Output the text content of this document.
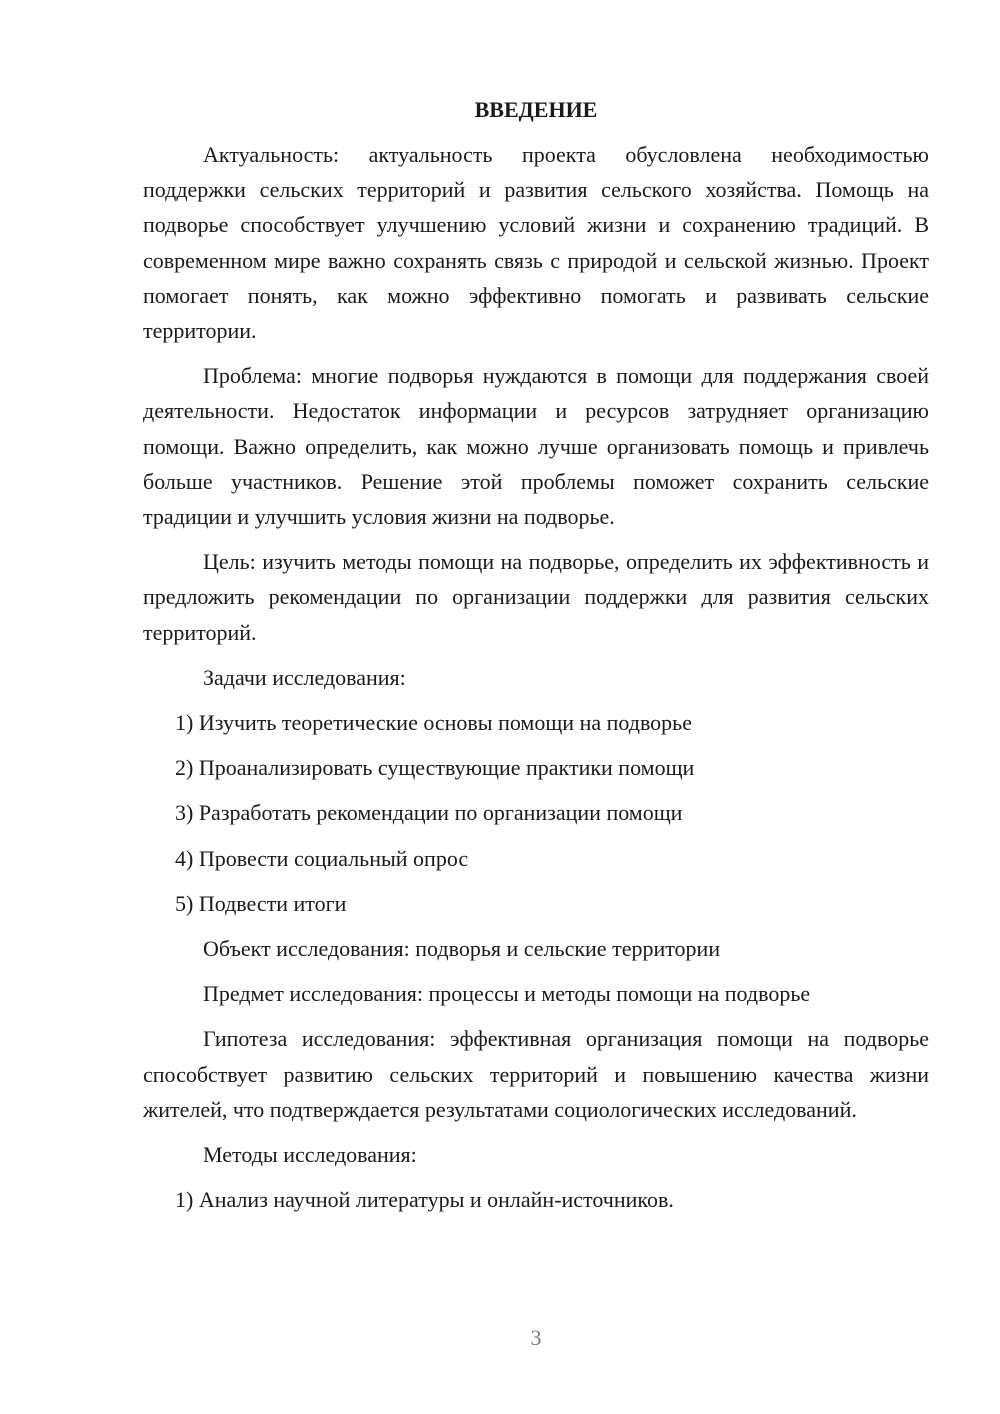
ВВЕДЕНИЕ

Актуальность: актуальность проекта обусловлена необходимостью поддержки сельских территорий и развития сельского хозяйства. Помощь на подворье способствует улучшению условий жизни и сохранению традиций. В современном мире важно сохранять связь с природой и сельской жизнью. Проект помогает понять, как можно эффективно помогать и развивать сельские территории.

Проблема: многие подворья нуждаются в помощи для поддержания своей деятельности. Недостаток информации и ресурсов затрудняет организацию помощи. Важно определить, как можно лучше организовать помощь и привлечь больше участников. Решение этой проблемы поможет сохранить сельские традиции и улучшить условия жизни на подворье.

Цель: изучить методы помощи на подворье, определить их эффективность и предложить рекомендации по организации поддержки для развития сельских территорий.

Задачи исследования:

1) Изучить теоретические основы помощи на подворье

2) Проанализировать существующие практики помощи

3) Разработать рекомендации по организации помощи

4) Провести социальный опрос

5) Подвести итоги

Объект исследования: подворья и сельские территории

Предмет исследования: процессы и методы помощи на подворье

Гипотеза исследования: эффективная организация помощи на подворье способствует развитию сельских территорий и повышению качества жизни жителей, что подтверждается результатами социологических исследований.

Методы исследования:

1) Анализ научной литературы и онлайн-источников.

3
